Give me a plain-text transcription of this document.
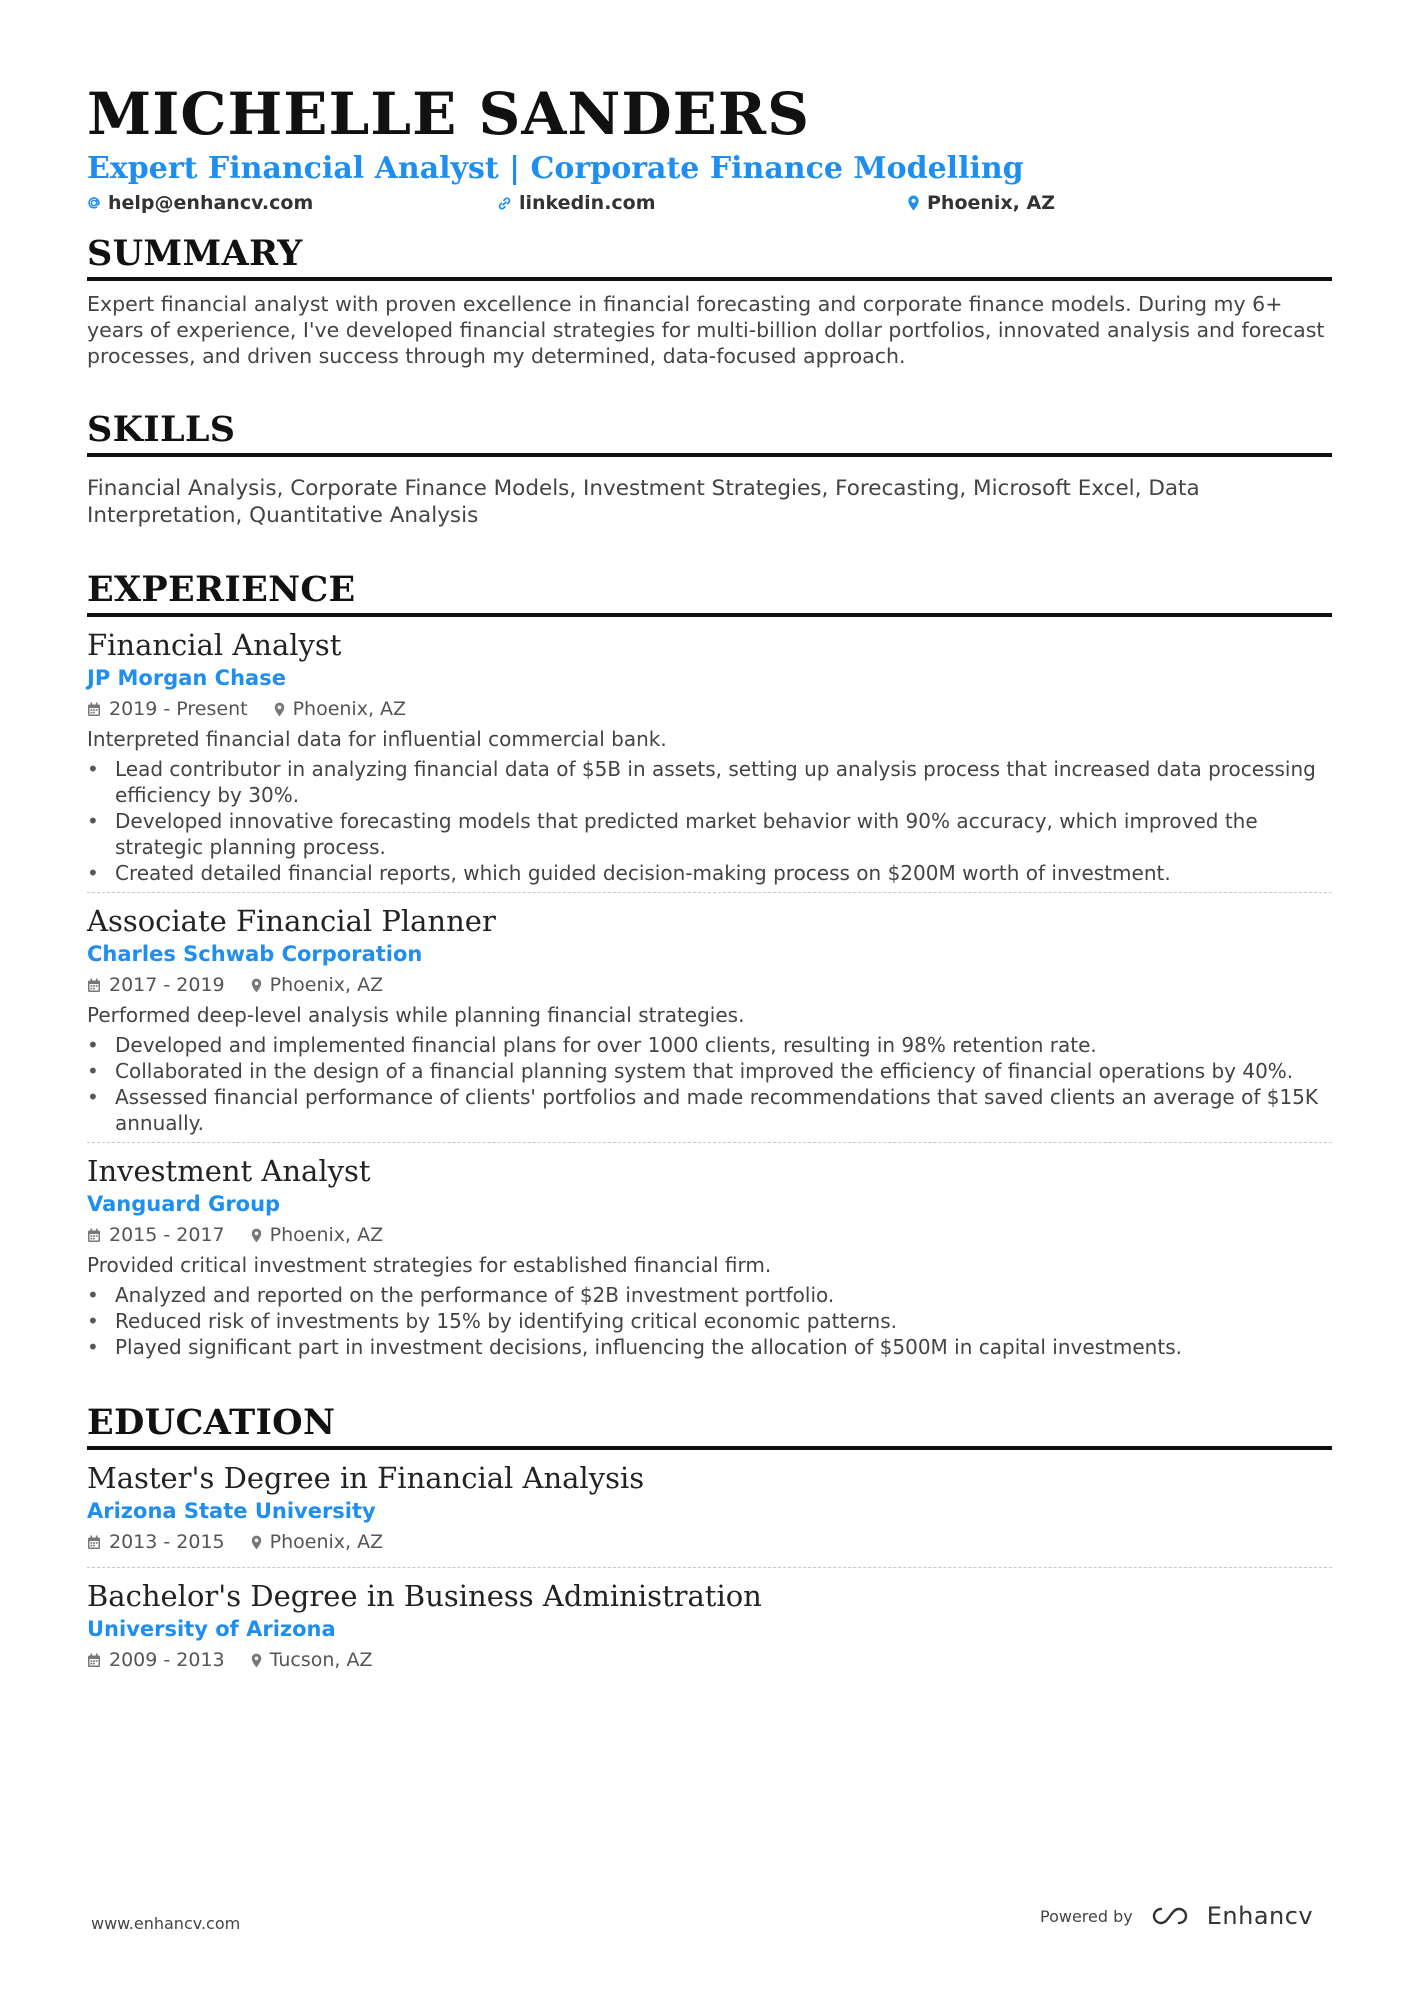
MICHELLE SANDERS
Expert Financial Analyst | Corporate Finance Modelling
help@enhancv.com	linkedin.com	Phoenix, AZ
SUMMARY
Expert financial analyst with proven excellence in financial forecasting and corporate finance models. During my 6+ years of experience, I've developed financial strategies for multi-billion dollar portfolios, innovated analysis and forecast processes, and driven success through my determined, data-focused approach.
SKILLS
Financial Analysis, Corporate Finance Models, Investment Strategies, Forecasting, Microsoft Excel, Data Interpretation, Quantitative Analysis
EXPERIENCE
Financial Analyst
JP Morgan Chase
2019 - Present Phoenix, AZ
Interpreted financial data for influential commercial bank.
• Lead contributor in analyzing financial data of $5B in assets, setting up analysis process that increased data processing efficiency by 30%.
• Developed innovative forecasting models that predicted market behavior with 90% accuracy, which improved the strategic planning process.
• Created detailed financial reports, which guided decision-making process on $200M worth of investment.
Associate Financial Planner
Charles Schwab Corporation
2017 - 2019 Phoenix, AZ
Performed deep-level analysis while planning financial strategies.
• Developed and implemented financial plans for over 1000 clients, resulting in 98% retention rate.
• Collaborated in the design of a financial planning system that improved the efficiency of financial operations by 40%.
• Assessed financial performance of clients' portfolios and made recommendations that saved clients an average of $15K annually.
Investment Analyst
Vanguard Group
2015 - 2017 Phoenix, AZ
Provided critical investment strategies for established financial firm.
• Analyzed and reported on the performance of $2B investment portfolio.
• Reduced risk of investments by 15% by identifying critical economic patterns.
• Played significant part in investment decisions, influencing the allocation of $500M in capital investments.
EDUCATION
Master's Degree in Financial Analysis
Arizona State University
2013 - 2015 Phoenix, AZ
Bachelor's Degree in Business Administration
University of Arizona
2009 - 2013 Tucson, AZ
www.enhancv.com	Powered by	Enhancv
